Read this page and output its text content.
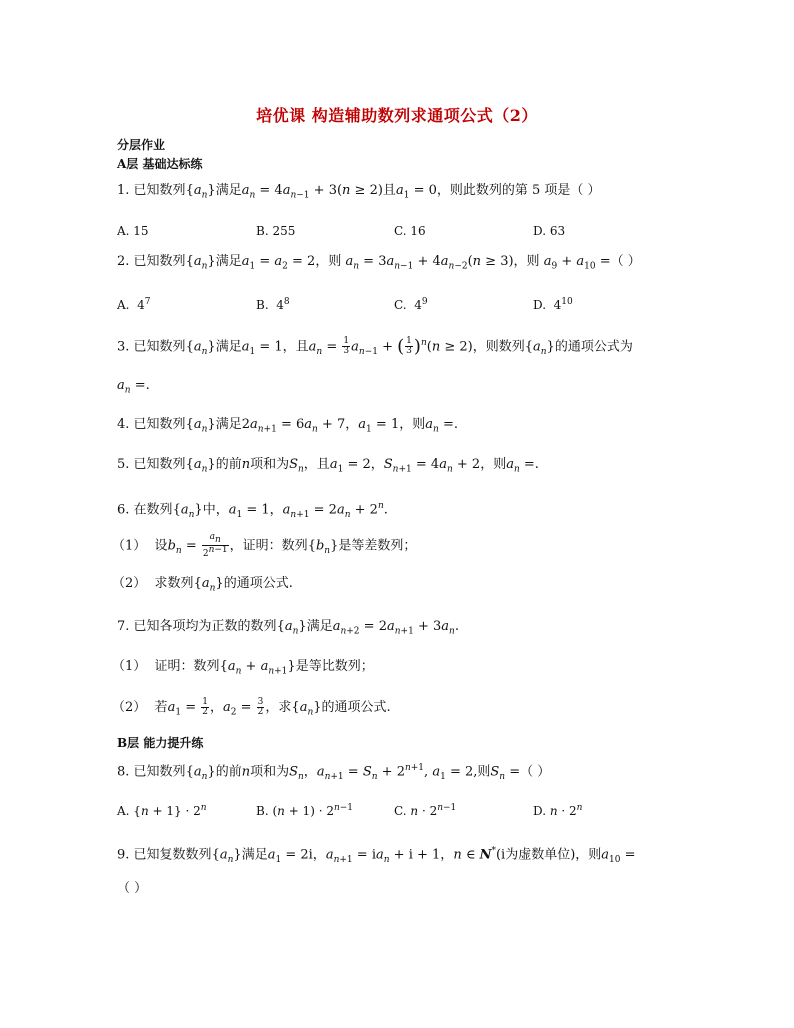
培优课 构造辅助数列求通项公式（2）
分层作业
A层 基础达标练
1. 已知数列$\{a_n\}$满足$a_n = 4a_{n-1} + 3(n \ge 2)$且$a_1 = 0$，则此数列的第 5 项是（ ）
A. 15	B. 255	C. 16	D. 63
2. 已知数列$\{a_n\}$满足$a_1 = a_2 = 2$，则 $a_n = 3a_{n-1} + 4a_{n-2}(n \ge 3)$，则 $a_9 + a_{10}$ =（ ）
A. $4^7$	B. $4^8$	C. $4^9$	D. $4^{10}$
3. 已知数列$\{a_n\}$满足$a_1 = 1$，且$a_n = \frac{1}{3} a_{n-1}$ + ( $\frac{1}{3} )^n(n \ge 2)$，则数列$\{a_n\}$的通项公式为
$a_n$ =.
4. 已知数列$\{a_n\}$满足$2a_{n+1} = 6a_n + 7$，$a_1 = 1$，则$a_n$ =.
5. 已知数列$\{a_n\}$的前n项和为$S_n$，且$a_1 = 2$，$S_{n+1} = 4a_n + 2$，则$a_n$ =.
6. 在数列$\{a_n\}$中，$a_1 = 1$，$a_{n+1} = 2a_n + 2^n$.
（1） 设$b_n = \frac{a_n}{2^{n-1}}$ ，证明：数列$\{b_n\}$是等差数列；
（2） 求数列$\{a_n\}$的通项公式.
7. 已知各项均为正数的数列$\{a_n\}$满足$a_{n+2} = 2a_{n+1} + 3a_n$.
（1） 证明：数列$\{a_n + a_{n+1}\}$是等比数列；
（2） 若$a_1 = \frac{1}{2}$ ，$a_2 = \frac{3}{2}$ ，求$\{a_n\}$的通项公式.
B层 能力提升练
8. 已知数列$\{a_n\}$的前n项和为$S_n$，$a_{n+1} = S_n + 2^{n+1}$, $a_1 = 2$,则$S_n$ =（ ）
A. $\{n + 1\} \cdot 2^n$	B. $(n + 1) \cdot 2^{n-1}$	C. $n \cdot 2^{n-1}$	D. $n \cdot 2^n$
9. 已知复数数列$\{a_n\}$满足$a_1 = 2i$，$a_{n+1} = ia_n + i + 1$，n ∈ N*(i为虚数单位)，则$a_{10}$ =
（ ）
